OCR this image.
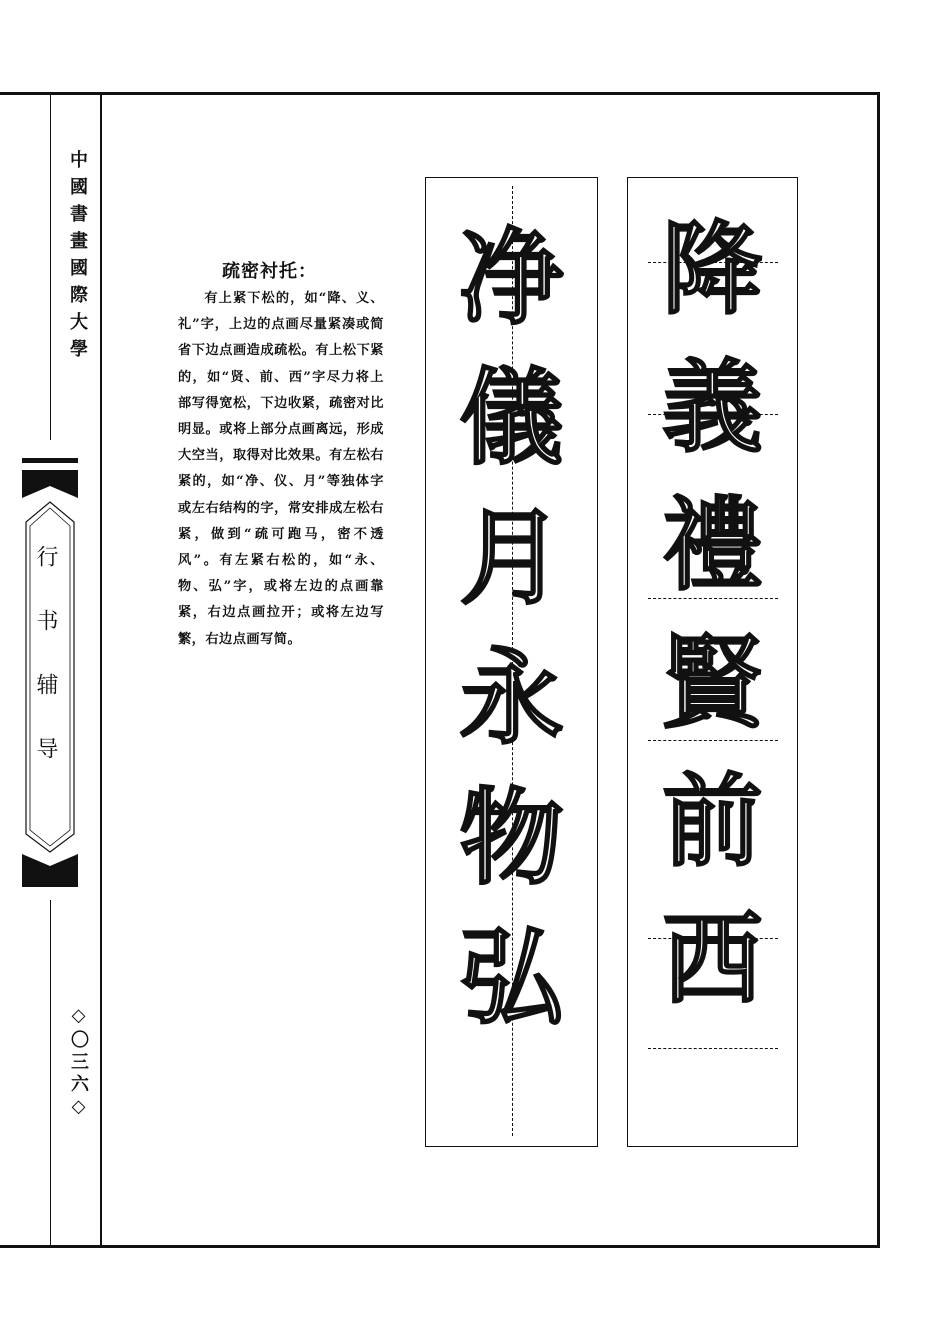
中國書畫國際大學
行书辅导
◇〇三六◇
疏密衬托：
有上紧下松的，如“降、义、礼”字，上边的点画尽量紧凑或简省下边点画造成疏松。有上松下紧的，如“贤、前、西”字尽力将上部写得宽松，下边收紧，疏密对比明显。或将上部分点画离远，形成大空当，取得对比效果。有左松右紧的，如“净、仪、月”等独体字或左右结构的字，常安排成左松右紧，做到“疏可跑马，密不透风”。有左紧右松的，如“永、物、弘”字，或将左边的点画靠紧，右边点画拉开；或将左边写繁，右边点画写简。
净
儀
月
永
物
弘
降
義
禮
賢
前
西
